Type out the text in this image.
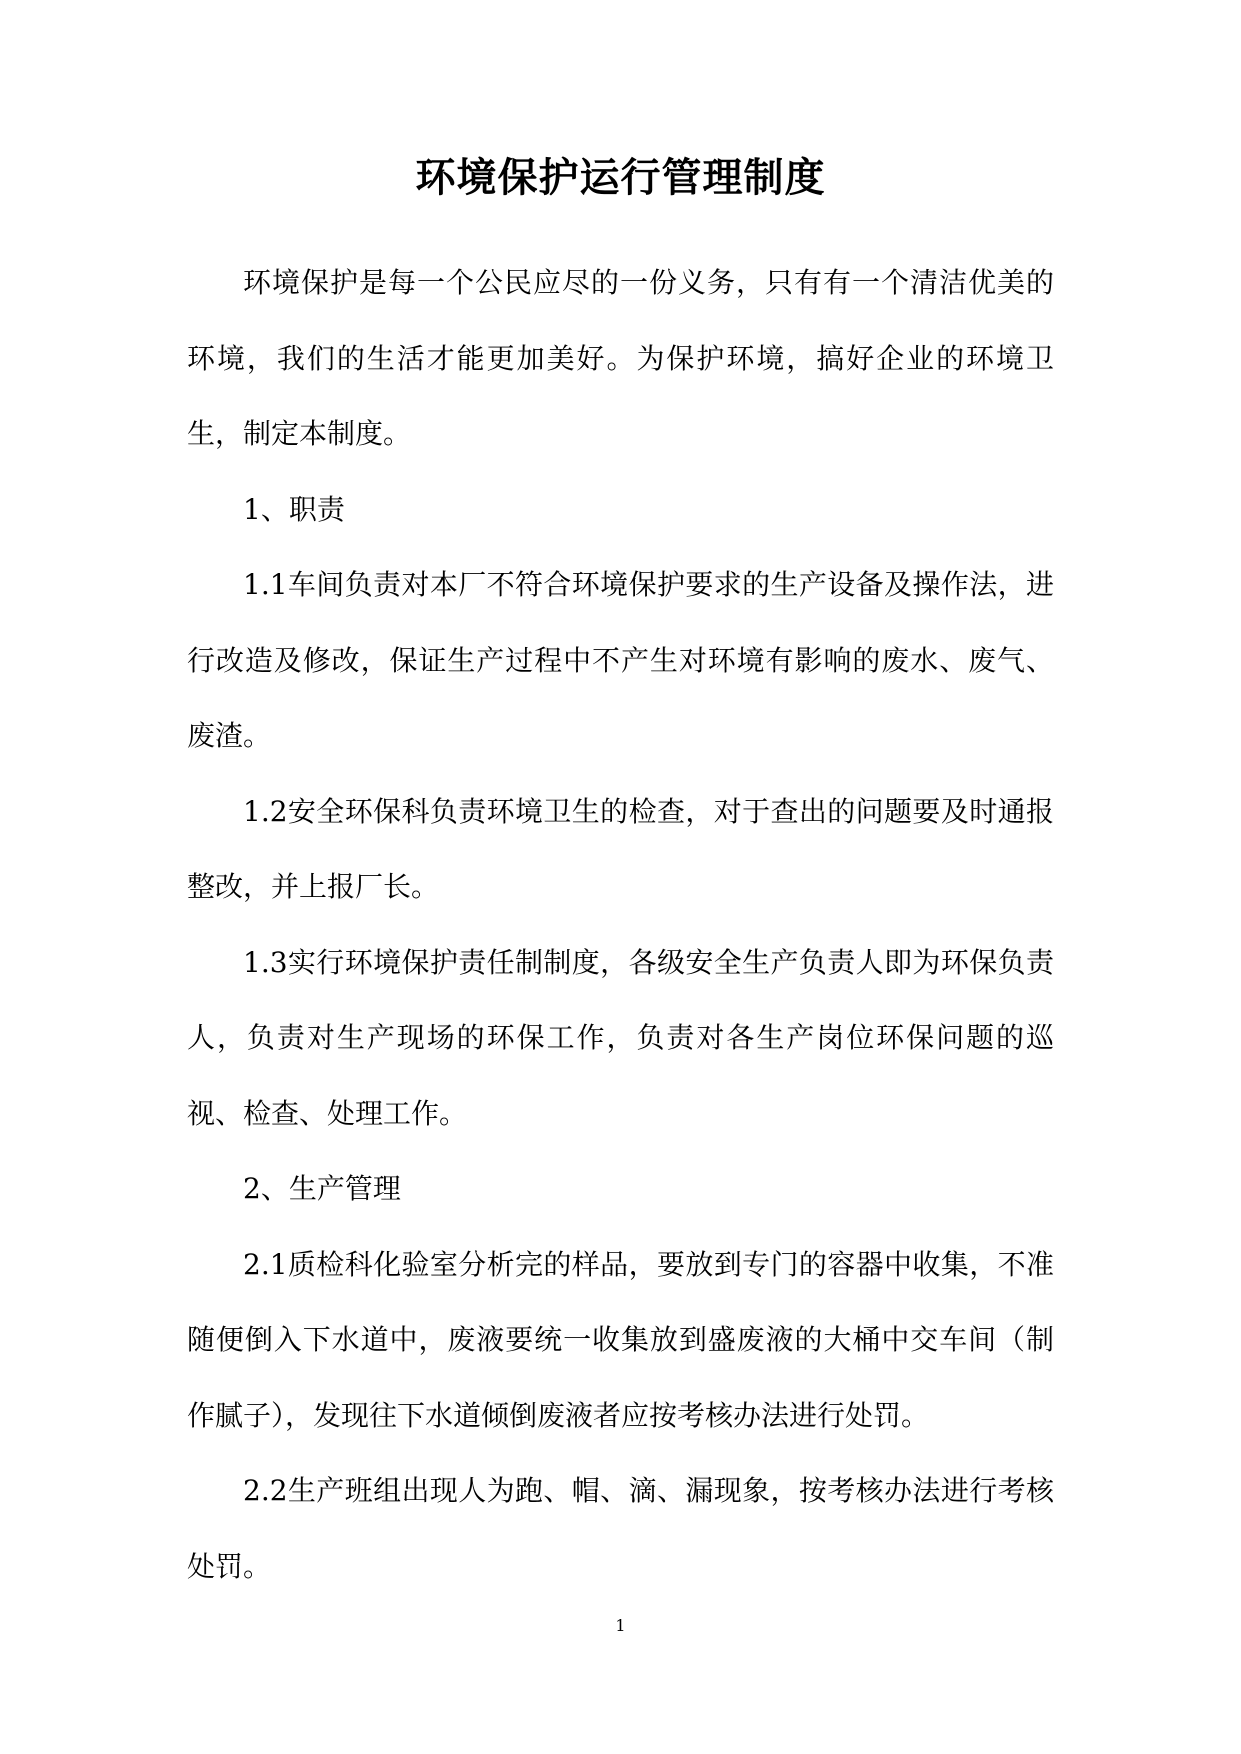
环境保护运行管理制度

环境保护是每一个公民应尽的一份义务，只有有一个清洁优美的环境，我们的生活才能更加美好。为保护环境，搞好企业的环境卫生，制定本制度。

1、职责

1.1车间负责对本厂不符合环境保护要求的生产设备及操作法，进行改造及修改，保证生产过程中不产生对环境有影响的废水、废气、废渣。

1.2安全环保科负责环境卫生的检查，对于查出的问题要及时通报整改，并上报厂长。

1.3实行环境保护责任制制度，各级安全生产负责人即为环保负责人，负责对生产现场的环保工作，负责对各生产岗位环保问题的巡视、检查、处理工作。

2、生产管理

2.1质检科化验室分析完的样品，要放到专门的容器中收集，不准随便倒入下水道中，废液要统一收集放到盛废液的大桶中交车间（制作腻子），发现往下水道倾倒废液者应按考核办法进行处罚。

2.2生产班组出现人为跑、帽、滴、漏现象，按考核办法进行考核处罚。

1
